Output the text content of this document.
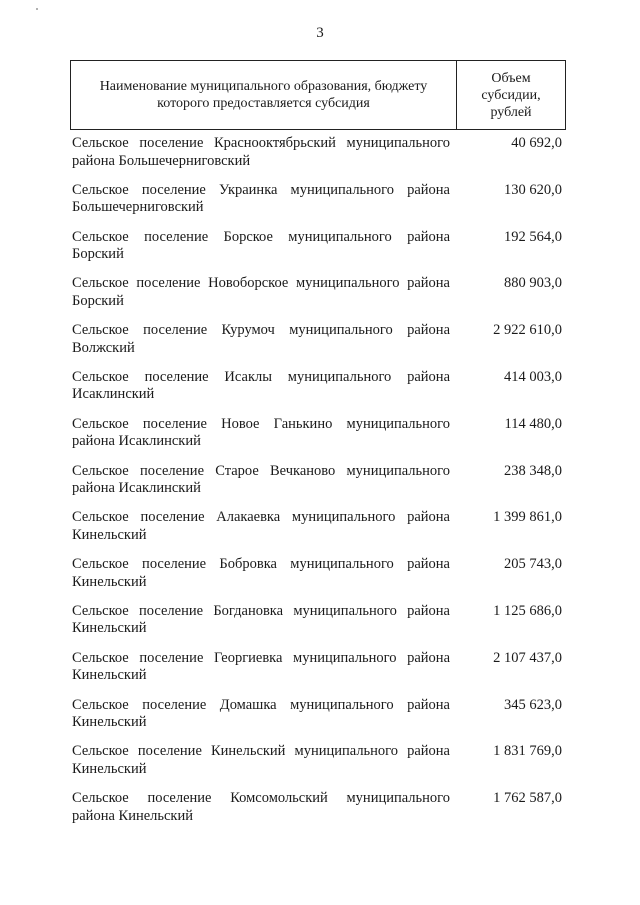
3
Наименование муниципального образования, бюджету которого предоставляется субсидия
Объем субсидии, рублей
Сельское поселение Краснооктябрьский муниципального района Большечерниговский
40 692,0
Сельское поселение Украинка муниципального района Большечерниговский
130 620,0
Сельское поселение Борское муниципального района Борский
192 564,0
Сельское поселение Новоборское муниципального района Борский
880 903,0
Сельское поселение Курумоч муниципального района Волжский
2 922 610,0
Сельское поселение Исаклы муниципального района Исаклинский
414 003,0
Сельское поселение Новое Ганькино муниципального района Исаклинский
114 480,0
Сельское поселение Старое Вечканово муниципального района Исаклинский
238 348,0
Сельское поселение Алакаевка муниципального района Кинельский
1 399 861,0
Сельское поселение Бобровка муниципального района Кинельский
205 743,0
Сельское поселение Богдановка муниципального района Кинельский
1 125 686,0
Сельское поселение Георгиевка муниципального района Кинельский
2 107 437,0
Сельское поселение Домашка муниципального района Кинельский
345 623,0
Сельское поселение Кинельский муниципального района Кинельский
1 831 769,0
Сельское поселение Комсомольский муниципального района Кинельский
1 762 587,0
